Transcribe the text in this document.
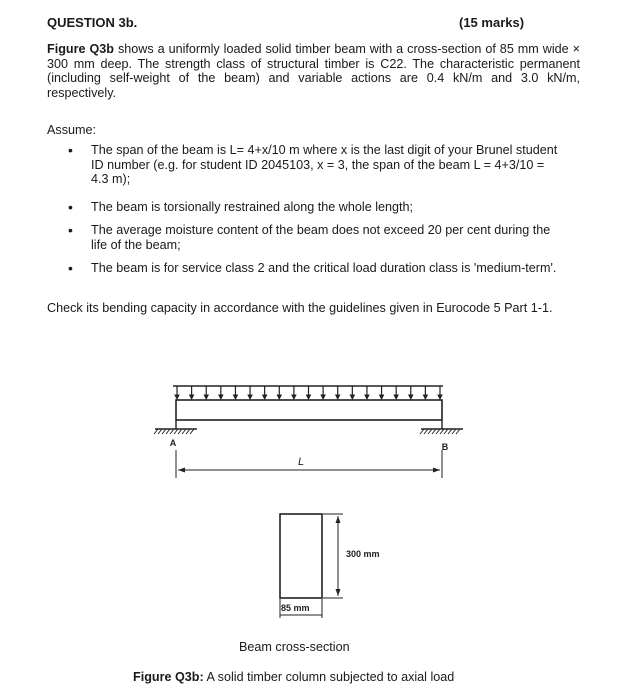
QUESTION 3b.	(15 marks)
Figure Q3b shows a uniformly loaded solid timber beam with a cross-section of 85 mm wide × 300 mm deep. The strength class of structural timber is C22. The characteristic permanent (including self-weight of the beam) and variable actions are 0.4 kN/m and 3.0 kN/m, respectively.
Assume:
• The span of the beam is L= 4+x/10 m where x is the last digit of your Brunel student ID number (e.g. for student ID 2045103, x = 3, the span of the beam L = 4+3/10 = 4.3 m);
• The beam is torsionally restrained along the whole length;
• The average moisture content of the beam does not exceed 20 per cent during the life of the beam;
• The beam is for service class 2 and the critical load duration class is 'medium-term'.
Check its bending capacity in accordance with the guidelines given in Eurocode 5 Part 1-1.
A	B
L
300 mm
85 mm
Beam cross-section
Figure Q3b: A solid timber column subjected to axial load
